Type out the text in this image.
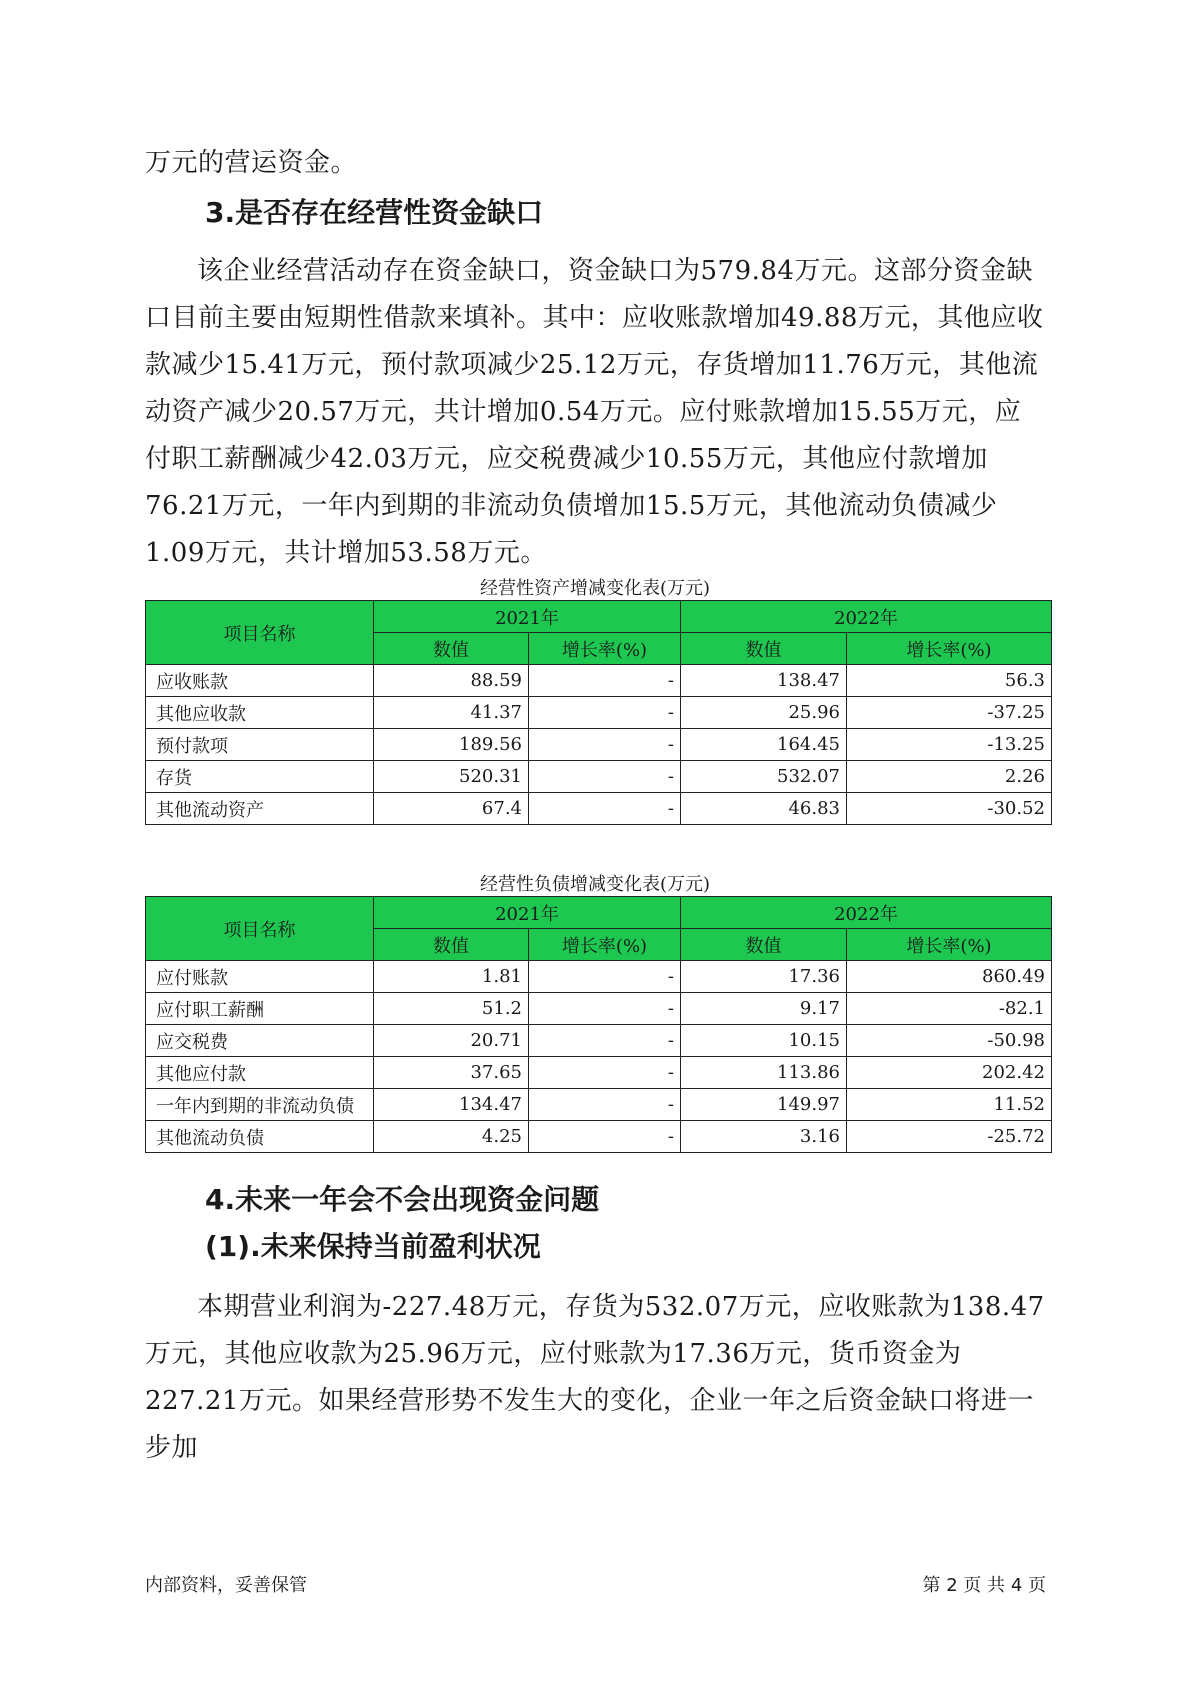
万元的营运资金。

3.是否存在经营性资金缺口

该企业经营活动存在资金缺口，资金缺口为579.84万元。这部分资金缺口目前主要由短期性借款来填补。其中：应收账款增加49.88万元，其他应收款减少15.41万元，预付款项减少25.12万元，存货增加11.76万元，其他流动资产减少20.57万元，共计增加0.54万元。应付账款增加15.55万元，应付职工薪酬减少42.03万元，应交税费减少10.55万元，其他应付款增加76.21万元，一年内到期的非流动负债增加15.5万元，其他流动负债减少1.09万元，共计增加53.58万元。

经营性资产增减变化表(万元)

项目名称	2021年		2022年	
	数值	增长率(%)	数值	增长率(%)
应收账款	88.59	-	138.47	56.3
其他应收款	41.37	-	25.96	-37.25
预付款项	189.56	-	164.45	-13.25
存货	520.31	-	532.07	2.26
其他流动资产	67.4	-	46.83	-30.52

经营性负债增减变化表(万元)

项目名称	2021年		2022年	
	数值	增长率(%)	数值	增长率(%)
应付账款	1.81	-	17.36	860.49
应付职工薪酬	51.2	-	9.17	-82.1
应交税费	20.71	-	10.15	-50.98
其他应付款	37.65	-	113.86	202.42
一年内到期的非流动负债	134.47	-	149.97	11.52
其他流动负债	4.25	-	3.16	-25.72
4.未来一年会不会出现资金问题
(1).未来保持当前盈利状况

本期营业利润为-227.48万元，存货为532.07万元，应收账款为138.47万元，其他应收款为25.96万元，应付账款为17.36万元，货币资金为227.21万元。如果经营形势不发生大的变化，企业一年之后资金缺口将进一步加

内部资料，妥善保管	第 2 页 共 4 页
